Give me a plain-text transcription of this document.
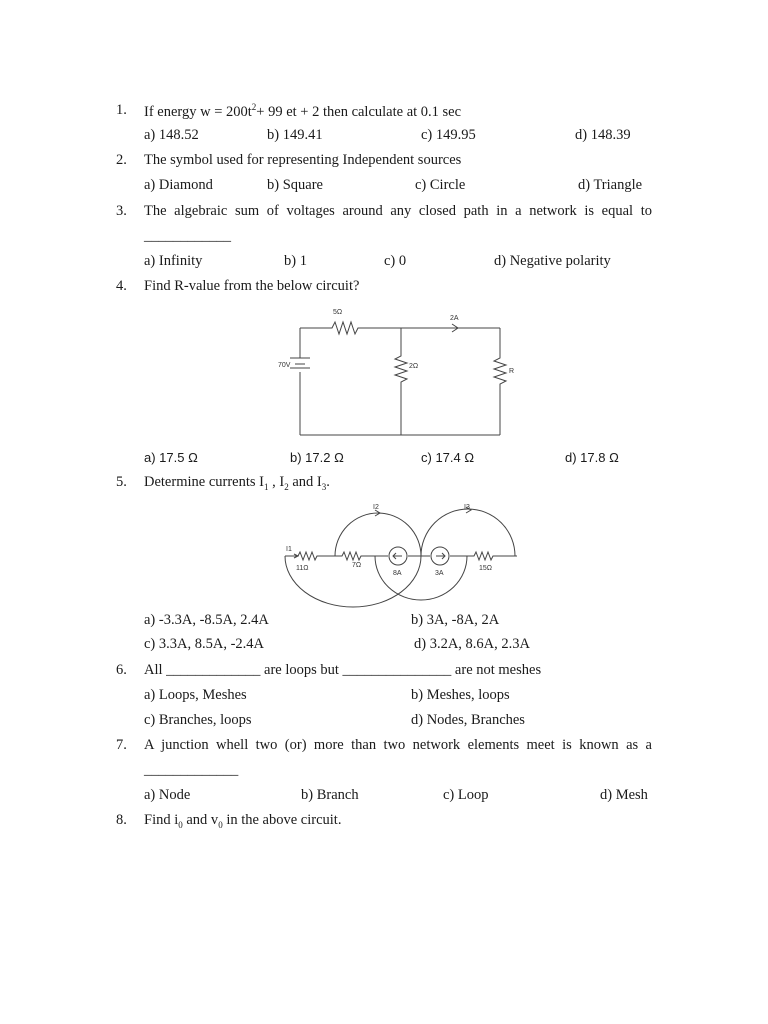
1. If energy $w = 200t^2+ 99$ et + 2 then calculate at 0.1 sec
a) 148.52	b) 149.41	c) 149.95	d) 148.39
2. The symbol used for representing Independent sources
a) Diamond	b) Square	c) Circle	d) Triangle
3. The algebraic sum of voltages around any closed path in a network is equal to
____________
a) Infinity	b) 1	c) 0	d) Negative polarity
4. Find R-value from the below circuit?
5Ω
70V	2Ω
2A
R
a) 17.5 Ω	b) 17.2 Ω	c) 17.4 Ω	d) 17.8 Ω
5. Determine currents $I_1$ , $I_2$ and $I_3$.
I2	I3
I1
11Ω	7Ω
8A	3A
15Ω
a) -3.3A, -8.5A, 2.4A	b) 3A, -8A, 2A
c) 3.3A, 8.5A, -2.4A	d) 3.2A, 8.6A, 2.3A
6. All _____________ are loops but _______________ are not meshes
a) Loops, Meshes	b) Meshes, loops
c) Branches, loops	d) Nodes, Branches
7. A junction whell two (or) more than two network elements meet is known as a
_____________
a) Node	b) Branch	c) Loop	d) Mesh
8. Find $i_0$ and $v_0$ in the above circuit.
